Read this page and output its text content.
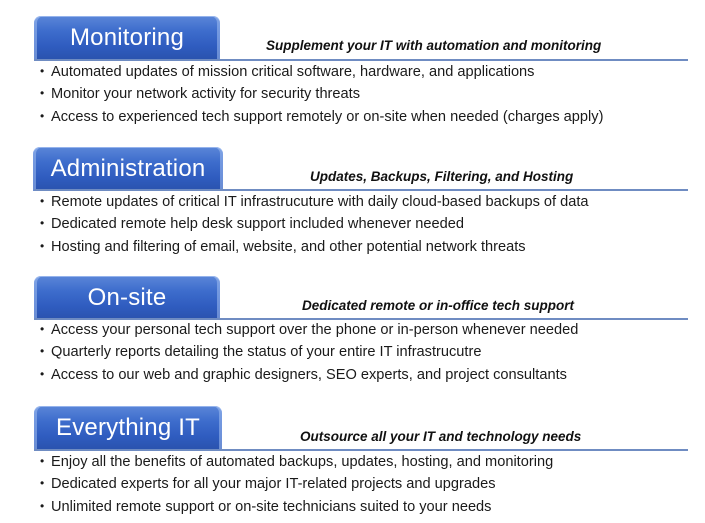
Monitoring	Supplement your IT with automation and monitoring
• Automated updates of mission critical software, hardware, and applications
• Monitor your network activity for security threats
• Access to experienced tech support remotely or on-site when needed (charges apply)
Administration	Updates, Backups, Filtering, and Hosting
• Remote updates of critical IT infrastrucuture with daily cloud-based backups of data
• Dedicated remote help desk support included whenever needed
• Hosting and filtering of email, website, and other potential network threats
On-site	Dedicated remote or in-office tech support
• Access your personal tech support over the phone or in-person whenever needed
• Quarterly reports detailing the status of your entire IT infrastrucutre
• Access to our web and graphic designers, SEO experts, and project consultants
Everything IT	Outsource all your IT and technology needs
• Enjoy all the benefits of automated backups, updates, hosting, and monitoring
• Dedicated experts for all your major IT-related projects and upgrades
• Unlimited remote support or on-site technicians suited to your needs
